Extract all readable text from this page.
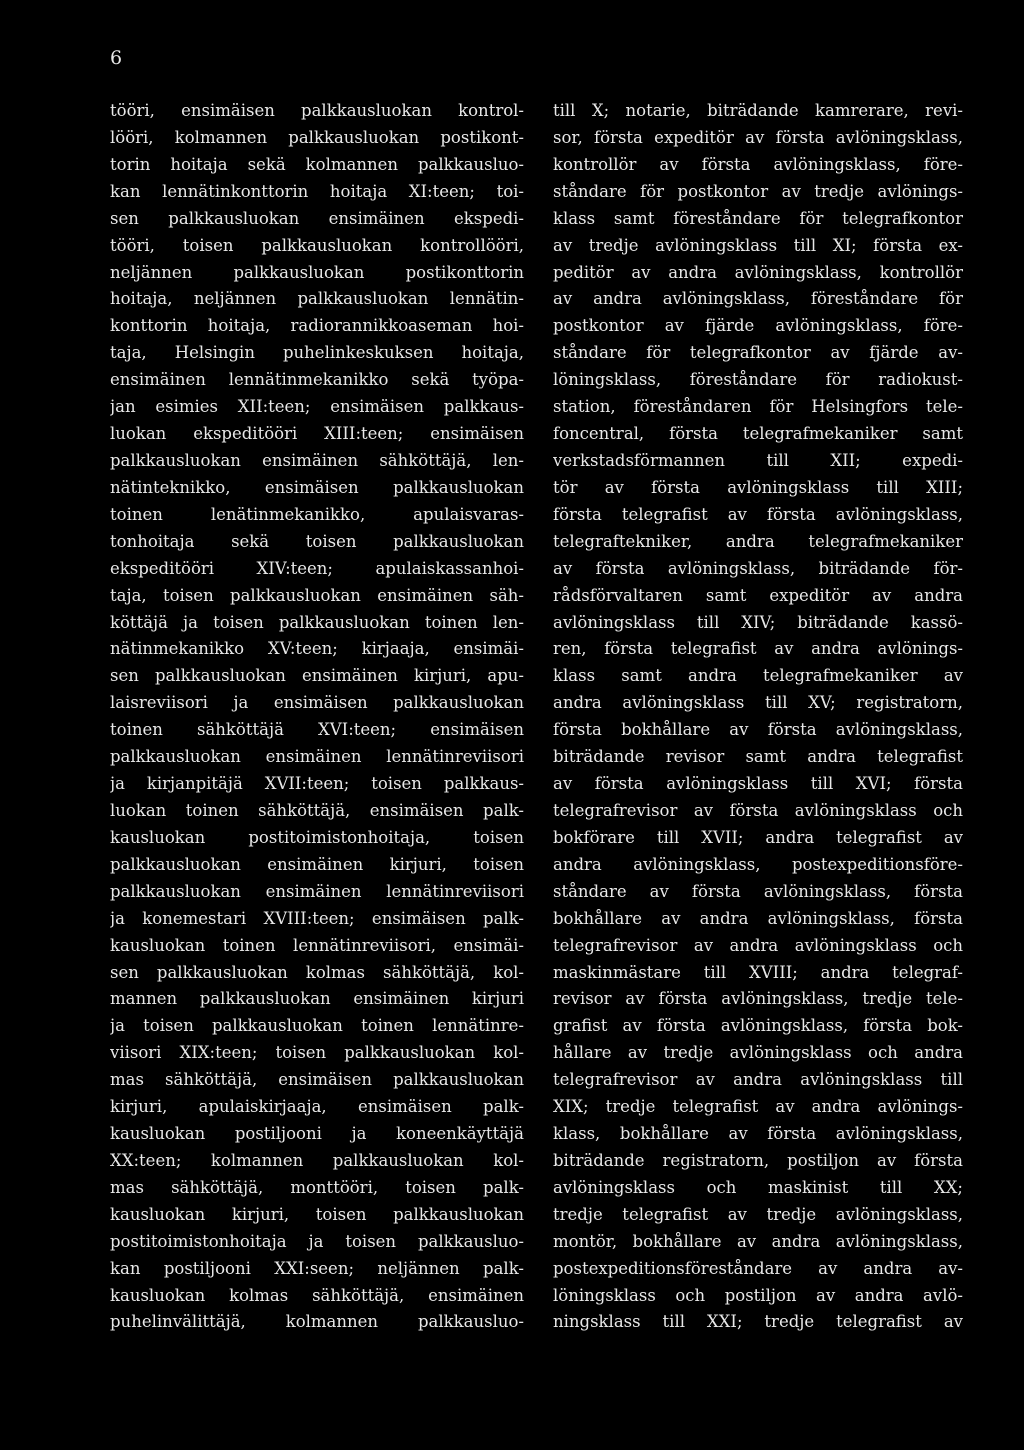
6

tööri, ensimäisen palkkausluokan kontrol-
lööri, kolmannen palkkausluokan postikont-
torin hoitaja sekä kolmannen palkkausluo-
kan lennätinkonttorin hoitaja XI:teen; toi-
sen palkkausluokan ensimäinen ekspedi-
tööri, toisen palkkausluokan kontrollööri,
neljännen palkkausluokan postikonttorin
hoitaja, neljännen palkkausluokan lennätin-
konttorin hoitaja, radiorannikkoaseman hoi-
taja, Helsingin puhelinkeskuksen hoitaja,
ensimäinen lennätinmekanikko sekä työpa-
jan esimies XII:teen; ensimäisen palkkaus-
luokan ekspeditööri XIII:teen; ensimäisen
palkkausluokan ensimäinen sähköttäjä, len-
nätinteknikko, ensimäisen palkkausluokan
toinen lenätinmekanikko, apulaisvaras-
tonhoitaja sekä toisen palkkausluokan
ekspeditööri XIV:teen; apulaiskassanhoi-
taja, toisen palkkausluokan ensimäinen säh-
köttäjä ja toisen palkkausluokan toinen len-
nätinmekanikko XV:teen; kirjaaja, ensimäi-
sen palkkausluokan ensimäinen kirjuri, apu-
laisreviisori ja ensimäisen palkkausluokan
toinen sähköttäjä XVI:teen; ensimäisen
palkkausluokan ensimäinen lennätinreviisori
ja kirjanpitäjä XVII:teen; toisen palkkaus-
luokan toinen sähköttäjä, ensimäisen palk-
kausluokan postitoimistonhoitaja, toisen
palkkausluokan ensimäinen kirjuri, toisen
palkkausluokan ensimäinen lennätinreviisori
ja konemestari XVIII:teen; ensimäisen palk-
kausluokan toinen lennätinreviisori, ensimäi-
sen palkkausluokan kolmas sähköttäjä, kol-
mannen palkkausluokan ensimäinen kirjuri
ja toisen palkkausluokan toinen lennätinre-
viisori XIX:teen; toisen palkkausluokan kol-
mas sähköttäjä, ensimäisen palkkausluokan
kirjuri, apulaiskirjaaja, ensimäisen palk-
kausluokan postiljooni ja koneenkäyttäjä
XX:teen; kolmannen palkkausluokan kol-
mas sähköttäjä, monttööri, toisen palk-
kausluokan kirjuri, toisen palkkausluokan
postitoimistonhoitaja ja toisen palkkausluo-
kan postiljooni XXI:seen; neljännen palk-
kausluokan kolmas sähköttäjä, ensimäinen
puhelinvälittäjä, kolmannen palkkausluo-
till X; notarie, biträdande kamrerare, revi-
sor, första expeditör av första avlöningsklass,
kontrollör av första avlöningsklass, före-
ståndare för postkontor av tredje avlönings-
klass samt föreståndare för telegrafkontor
av tredje avlöningsklass till XI; första ex-
peditör av andra avlöningsklass, kontrollör
av andra avlöningsklass, föreståndare för
postkontor av fjärde avlöningsklass, före-
ståndare för telegrafkontor av fjärde av-
löningsklass, föreståndare för radiokust-
station, föreståndaren för Helsingfors tele-
foncentral, första telegrafmekaniker samt
verkstadsförmannen till XII; expedi-
tör av första avlöningsklass till XIII;
första telegrafist av första avlöningsklass,
telegraftekniker, andra telegrafmekaniker
av första avlöningsklass, biträdande för-
rådsförvaltaren samt expeditör av andra
avlöningsklass till XIV; biträdande kassö-
ren, första telegrafist av andra avlönings-
klass samt andra telegrafmekaniker av
andra avlöningsklass till XV; registratorn,
första bokhållare av första avlöningsklass,
biträdande revisor samt andra telegrafist
av första avlöningsklass till XVI; första
telegrafrevisor av första avlöningsklass och
bokförare till XVII; andra telegrafist av
andra avlöningsklass, postexpeditionsföre-
ståndare av första avlöningsklass, första
bokhållare av andra avlöningsklass, första
telegrafrevisor av andra avlöningsklass och
maskinmästare till XVIII; andra telegraf-
revisor av första avlöningsklass, tredje tele-
grafist av första avlöningsklass, första bok-
hållare av tredje avlöningsklass och andra
telegrafrevisor av andra avlöningsklass till
XIX; tredje telegrafist av andra avlönings-
klass, bokhållare av första avlöningsklass,
biträdande registratorn, postiljon av första
avlöningsklass och maskinist till XX;
tredje telegrafist av tredje avlöningsklass,
montör, bokhållare av andra avlöningsklass,
postexpeditionsföreståndare av andra av-
löningsklass och postiljon av andra avlö-
ningsklass till XXI; tredje telegrafist av
